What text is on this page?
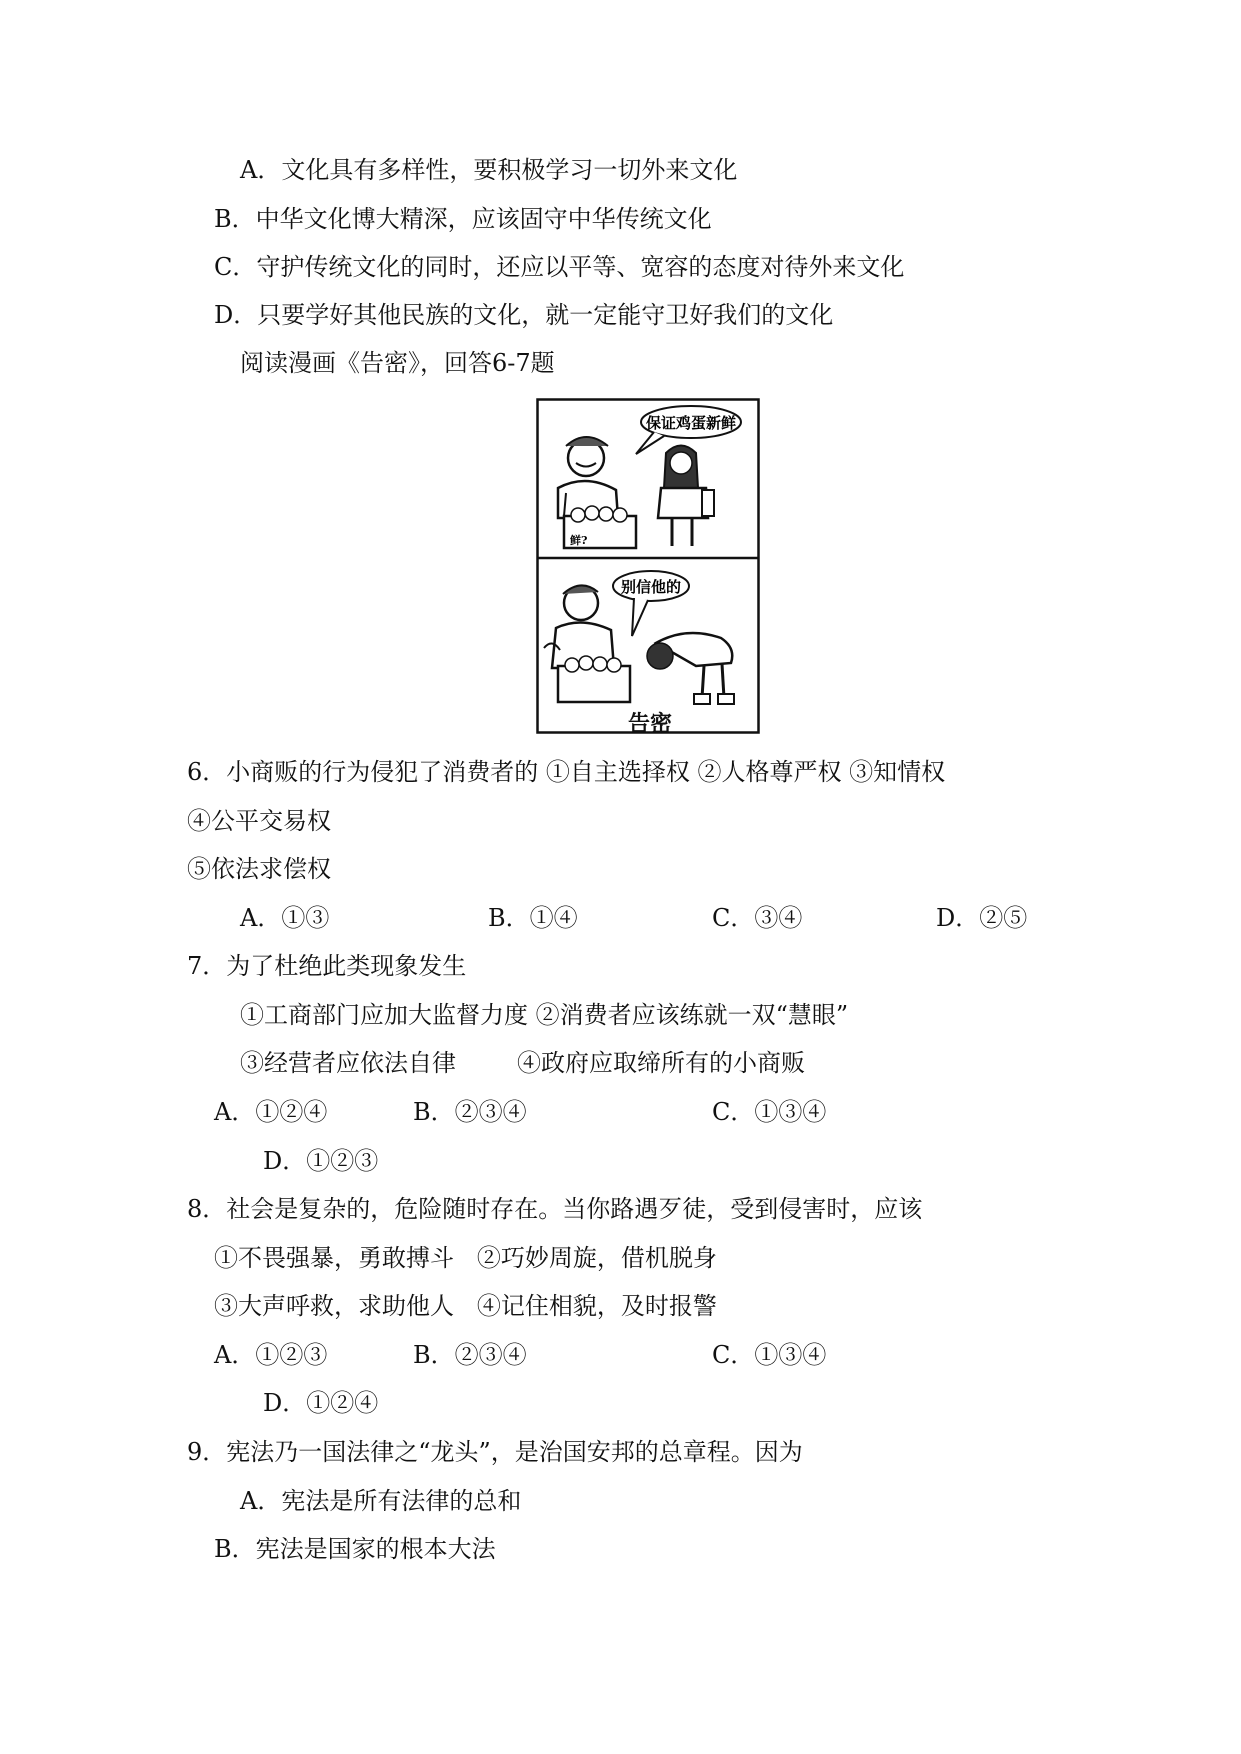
A．文化具有多样性，要积极学习一切外来文化
B．中华文化博大精深，应该固守中华传统文化
C．守护传统文化的同时，还应以平等、宽容的态度对待外来文化
D．只要学好其他民族的文化，就一定能守卫好我们的文化
阅读漫画《告密》，回答6-7题
保证鸡蛋新鲜
鲜?
别信他的
告密
6．小商贩的行为侵犯了消费者的 ①自主选择权 ②人格尊严权 ③知情权
④公平交易权
⑤依法求偿权
A．①③	B．①④	C．③④	D．②⑤
7．为了杜绝此类现象发生
①工商部门应加大监督力度 ②消费者应该练就一双“慧眼”
③经营者应依法自律        ④政府应取缔所有的小商贩
A．①②④	B．②③④	C．①③④
D．①②③
8．社会是复杂的，危险随时存在。当你路遇歹徒，受到侵害时，应该
①不畏强暴，勇敢搏斗   ②巧妙周旋，借机脱身
③大声呼救，求助他人   ④记住相貌，及时报警
A．①②③	B．②③④	C．①③④
D．①②④
9．宪法乃一国法律之“龙头”，是治国安邦的总章程。因为
A．宪法是所有法律的总和
B．宪法是国家的根本大法
